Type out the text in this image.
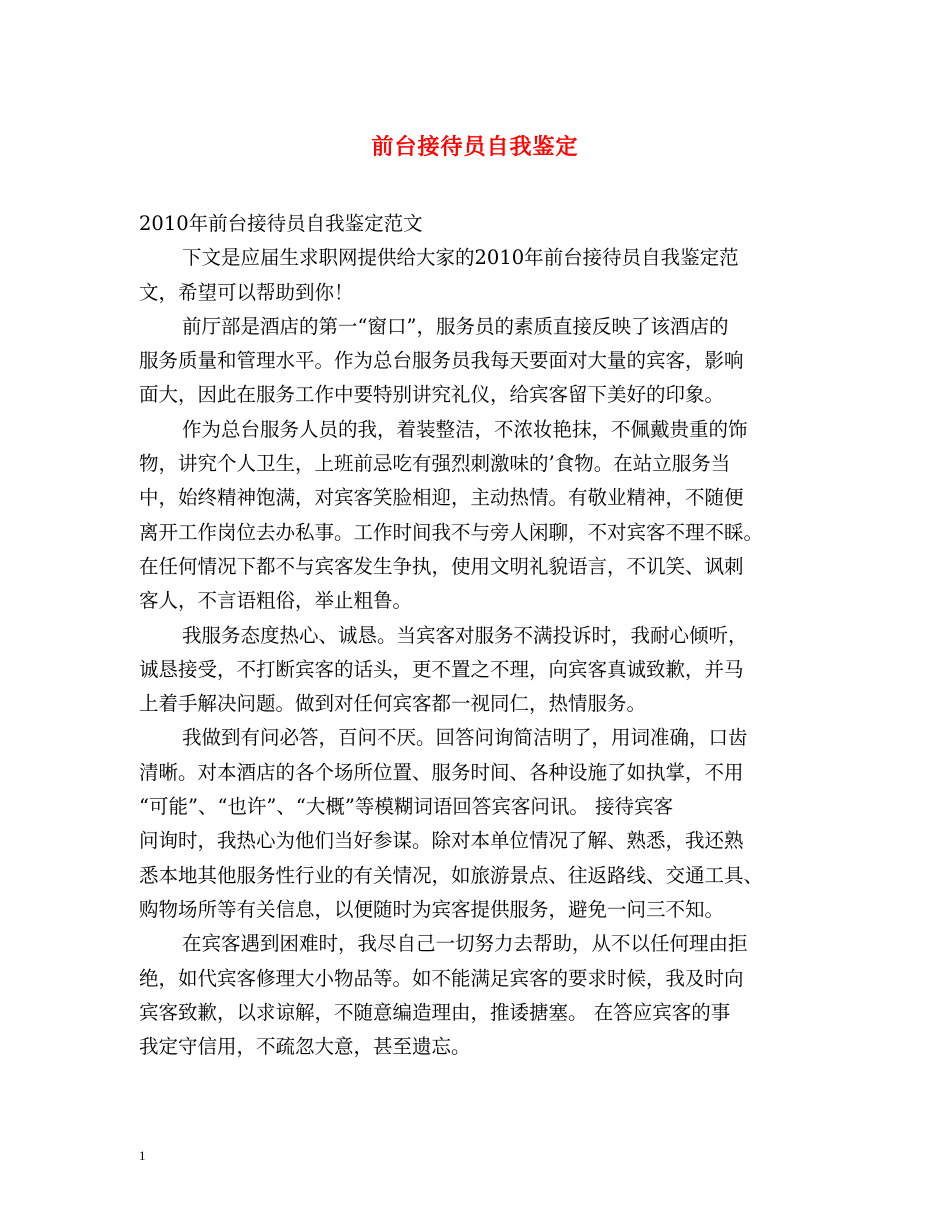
前台接待员自我鉴定
2010年前台接待员自我鉴定范文
下文是应届生求职网提供给大家的2010年前台接待员自我鉴定范
文，希望可以帮助到你！
前厅部是酒店的第一“窗口”，服务员的素质直接反映了该酒店的
服务质量和管理水平。作为总台服务员我每天要面对大量的宾客，影响
面大，因此在服务工作中要特别讲究礼仪，给宾客留下美好的印象。
作为总台服务人员的我，着装整洁，不浓妆艳抹，不佩戴贵重的饰
物，讲究个人卫生，上班前忌吃有强烈刺激味的’食物。在站立服务当
中，始终精神饱满，对宾客笑脸相迎，主动热情。有敬业精神，不随便
离开工作岗位去办私事。工作时间我不与旁人闲聊，不对宾客不理不睬。
在任何情况下都不与宾客发生争执，使用文明礼貌语言，不讥笑、讽刺
客人，不言语粗俗，举止粗鲁。
我服务态度热心、诚恳。当宾客对服务不满投诉时，我耐心倾听，
诚恳接受，不打断宾客的话头，更不置之不理，向宾客真诚致歉，并马
上着手解决问题。做到对任何宾客都一视同仁，热情服务。
我做到有问必答，百问不厌。回答问询简洁明了，用词准确，口齿
清晰。对本酒店的各个场所位置、服务时间、各种设施了如执掌，不用
“可能”、“也许”、“大概”等模糊词语回答宾客问讯。 接待宾客
问询时，我热心为他们当好参谋。除对本单位情况了解、熟悉，我还熟
悉本地其他服务性行业的有关情况，如旅游景点、往返路线、交通工具、
购物场所等有关信息，以便随时为宾客提供服务，避免一问三不知。
在宾客遇到困难时，我尽自己一切努力去帮助，从不以任何理由拒
绝，如代宾客修理大小物品等。如不能满足宾客的要求时候，我及时向
宾客致歉，以求谅解，不随意编造理由，推诿搪塞。 在答应宾客的事
我定守信用，不疏忽大意，甚至遗忘。
1
